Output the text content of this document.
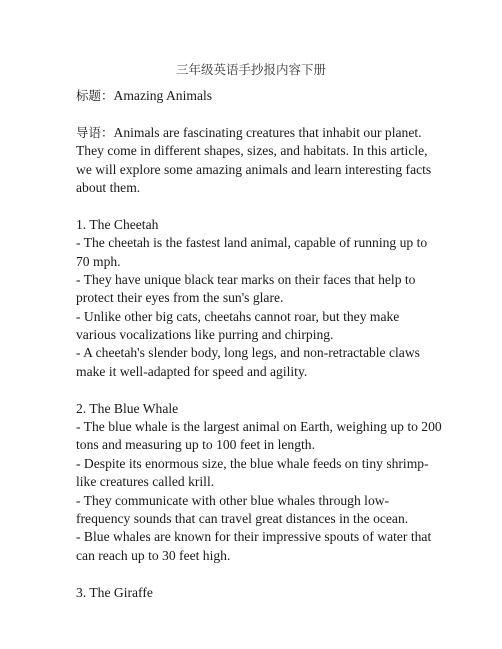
三年级英语手抄报内容下册
标题：Amazing Animals
导语：Animals are fascinating creatures that inhabit our planet.
They come in different shapes, sizes, and habitats. In this article,
we will explore some amazing animals and learn interesting facts
about them.
1. The Cheetah
- The cheetah is the fastest land animal, capable of running up to
70 mph.
- They have unique black tear marks on their faces that help to
protect their eyes from the sun's glare.
- Unlike other big cats, cheetahs cannot roar, but they make
various vocalizations like purring and chirping.
- A cheetah's slender body, long legs, and non-retractable claws
make it well-adapted for speed and agility.
2. The Blue Whale
- The blue whale is the largest animal on Earth, weighing up to 200
tons and measuring up to 100 feet in length.
- Despite its enormous size, the blue whale feeds on tiny shrimp-
like creatures called krill.
- They communicate with other blue whales through low-
frequency sounds that can travel great distances in the ocean.
- Blue whales are known for their impressive spouts of water that
can reach up to 30 feet high.
3. The Giraffe
